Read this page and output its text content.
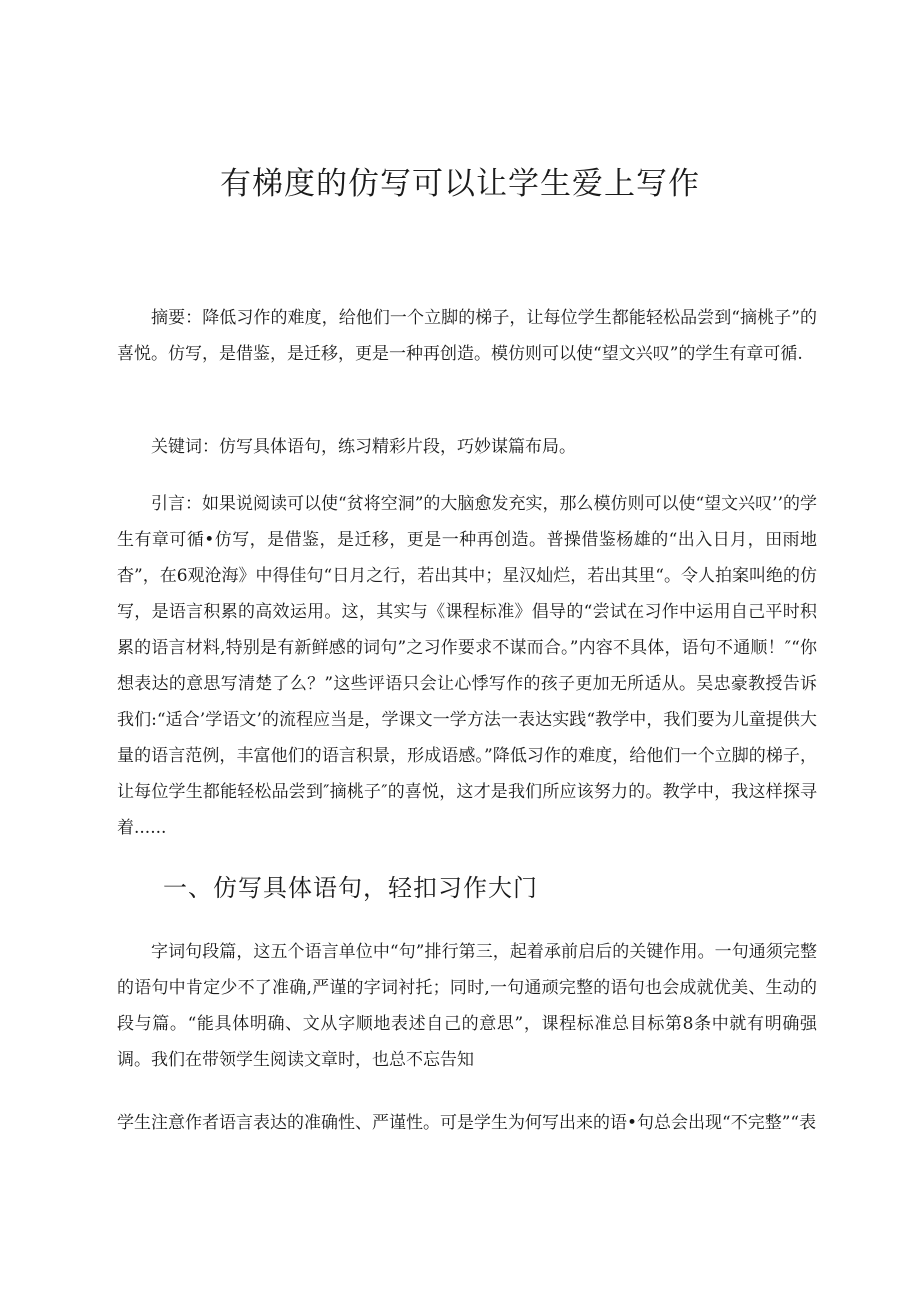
有梯度的仿写可以让学生爱上写作

摘要：降低习作的难度，给他们一个立脚的梯子，让每位学生都能轻松品尝到“摘桃子”的喜悦。仿写，是借鉴，是迁移，更是一种再创造。模仿则可以使“望文兴叹”的学生有章可循.

关键词：仿写具体语句，练习精彩片段，巧妙谋篇布局。

引言：如果说阅读可以使“贫将空洞”的大脑愈发充实，那么模仿则可以使“望文兴叹’’的学生有章可循•仿写，是借鉴，是迁移，更是一种再创造。普操借鉴杨雄的“出入日月，田雨地杳”，在6观沧海》中得佳句“日月之行，若出其中；星汉灿烂，若出其里“。令人拍案叫绝的仿写，是语言积累的高效运用。这，其实与《课程标准》倡导的“尝试在习作中运用自己平时积累的语言材料,特别是有新鲜感的词句”之习作要求不谋而合。”内容不具体，语句不通顺！″“你想表达的意思写清楚了么？”这些评语只会让心悸写作的孩子更加无所适从。吴忠豪教授告诉我们:“适合’学语文’的流程应当是，学课文一学方法一表达实践“教学中，我们要为儿童提供大量的语言范例，丰富他们的语言积景，形成语感。”降低习作的难度，给他们一个立脚的梯子，让每位学生都能轻松品尝到″摘桃子″的喜悦，这才是我们所应该努力的。教学中，我这样探寻着......

一、仿写具体语句，轻扣习作大门

字词句段篇，这五个语言单位中“句”排行第三，起着承前启后的关键作用。一句通须完整的语句中肯定少不了准确,严谨的字词衬托；同时,一句通顽完整的语句也会成就优美、生动的段与篇。“能具体明确、文从字顺地表述自己的意思”，课程标准总目标第8条中就有明确强调。我们在带领学生阅读文章时，也总不忘告知

学生注意作者语言表达的准确性、严谨性。可是学生为何写出来的语•句总会出现“不完整”“表
